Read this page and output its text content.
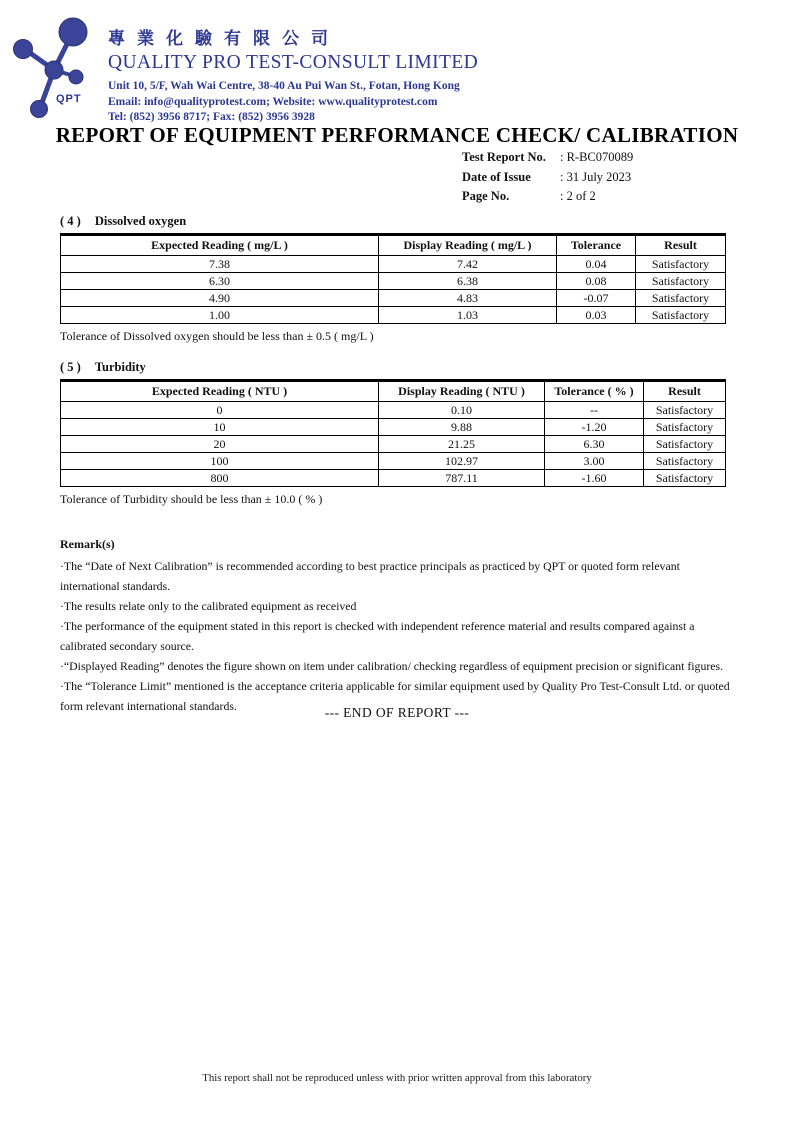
QPT
專業化驗有限公司
QUALITY PRO TEST-CONSULT LIMITED
Unit 10, 5/F, Wah Wai Centre, 38-40 Au Pui Wan St., Fotan, Hong Kong
Email: info@qualityprotest.com; Website: www.qualityprotest.com
Tel: (852) 3956 8717; Fax: (852) 3956 3928
REPORT OF EQUIPMENT PERFORMANCE CHECK/ CALIBRATION
Test Report No. : R-BC070089
Date of Issue : 31 July 2023
Page No.	: 2 of 2
( 4 ) Dissolved oxygen
Expected Reading ( mg/L )	Display Reading ( mg/L )	Tolerance	Result
7.38	7.42	0.04	Satisfactory
6.30	6.38	0.08	Satisfactory
4.90	4.83	-0.07	Satisfactory
1.00	1.03	0.03	Satisfactory
Tolerance of Dissolved oxygen should be less than ± 0.5 ( mg/L )
( 5 ) Turbidity
Expected Reading ( NTU )	Display Reading ( NTU )	Tolerance ( % )	Result
0	0.10	--	Satisfactory
10	9.88	-1.20	Satisfactory
20	21.25	6.30	Satisfactory
100	102.97	3.00	Satisfactory
800	787.11	-1.60	Satisfactory
Tolerance of Turbidity should be less than ± 10.0 ( % )
Remark(s)
·The “Date of Next Calibration” is recommended according to best practice principals as practiced by QPT or quoted form relevant international standards.
·The results relate only to the calibrated equipment as received
·The performance of the equipment stated in this report is checked with independent reference material and results compared against a calibrated secondary source.
·“Displayed Reading” denotes the figure shown on item under calibration/ checking regardless of equipment precision or significant figures.
·The “Tolerance Limit” mentioned is the acceptance criteria applicable for similar equipment used by Quality Pro Test-Consult Ltd. or quoted form relevant international standards.	--- END OF REPORT ---
This report shall not be reproduced unless with prior written approval from this laboratory
